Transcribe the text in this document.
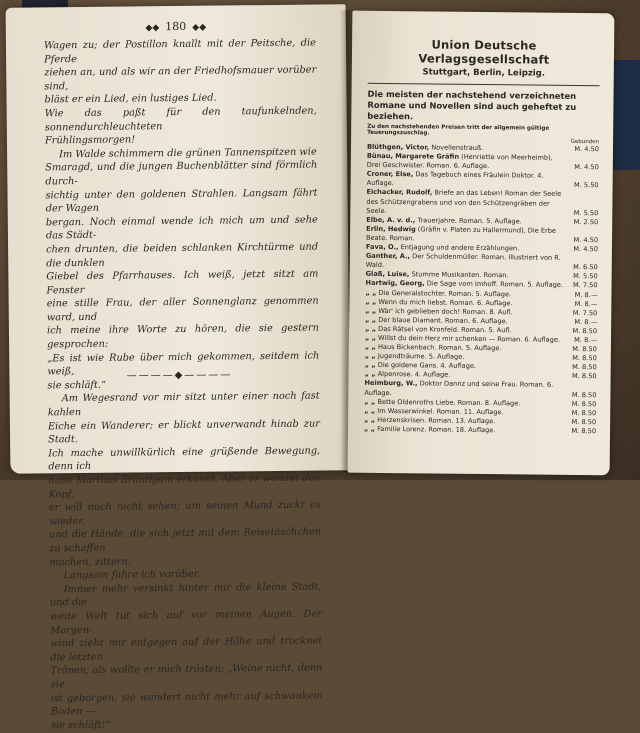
◆◆ 180 ◆◆

Wagen zu; der Postillon knallt mit der Peitsche, die Pferde

ziehen an, und als wir an der Friedhofsmauer vorüber sind,

bläst er ein Lied, ein lustiges Lied.

Wie das paßt für den taufunkelnden, sonnendurchleuchteten

Frühlingsmorgen!

Im Walde schimmern die grünen Tannenspitzen wie

Smaragd, und die jungen Buchenblätter sind förmlich durch-

sichtig unter den goldenen Strahlen. Langsam fährt der Wagen

bergan. Noch einmal wende ich mich um und sehe das Städt-

chen drunten, die beiden schlanken Kirchtürme und die dunklen

Giebel des Pfarrhauses. Ich weiß, jetzt sitzt am Fenster

eine stille Frau, der aller Sonnenglanz genommen ward, und

ich meine ihre Worte zu hören, die sie gestern gesprochen:

„Es ist wie Rube über mich gekommen, seitdem ich weiß,

sie schläft.“

Am Wegesrand vor mir sitzt unter einer noch fast kahlen

Eiche ein Wanderer; er blickt unverwandt hinab zur Stadt.

Ich mache unwillkürlich eine grüßende Bewegung, denn ich

habe Marthas Bräutigam erkannt. Aber er wendet den Kopf,

er will mich nicht sehen; um seinen Mund zuckt es wieder,

und die Hände, die sich jetzt mit dem Reisetäschchen zu schaffen

machen, zittern.

Langsam fahre ich vorüber.

Immer mehr versinkt hinter mir die kleine Stadt, und die

weite Welt tut sich auf vor meinen Augen. Der Morgen-

wind zieht mir entgegen auf der Höhe und trocknet die letzten

Tränen, als wollte er mich trösten: „Weine nicht, denn sie

ist geborgen, sie wandert nicht mehr auf schwankem Boden —

sie schläft!“

————◆————
Union Deutsche Verlagsgesellschaft
Stuttgart, Berlin, Leipzig.
Die meisten der nachstehend verzeichneten Romane und Novellen sind auch geheftet zu beziehen.
Zu den nachstehenden Preisen tritt der allgemein gültige Teuerungszuschlag.
Gebunden
Blüthgen, Victor, Novellenstrauß.	M. 4.50
Bünau, Margarete Gräfin (Henriette von Meerheimb), Drei Geschwister. Roman. 6. Auflage.	M. 4.50
Croner, Else, Das Tagebuch eines Fräulein Doktor. 4. Auflage.	M. 5.50
Eichacker, Rudolf, Briefe an das Leben! Roman der Seele des Schützengrabens und von den Schützengräben der Seele.	M. 5.50
Elbe, A. v. d., Trauerjahre. Roman. 5. Auflage.	M. 2.50
Erlin, Hedwig (Gräfin v. Platen zu Hallermund), Die Erbe Beate. Roman.	M. 4.50
Fava, O., Entjagung und andere Erzählungen.	M. 4.50
Ganther, A., Der Schuldenmüller. Roman. Illustriert von R. Wald.	M. 6.50
Glaß, Luise, Stumme Musikanten. Roman.	M. 5.50
Hartwig, Georg, Die Sage vom Imhoff. Roman. 5. Auflage. M. 7.50
„ „ Die Generalstochter. Roman. 5. Auflage.	M. 8.—
„ „ Wenn du mich liebst. Roman. 6. Auflage.	M. 8.—
„ „ Wär' ich geblieben doch! Roman. 8. Aufl.	M. 7.50
„ „ Der blaue Diamant. Roman. 6. Auflage.	M. 8.—
„ „ Das Rätsel von Kronfeld. Roman. 5. Aufl.	M. 8.50
„ „ Willst du dein Herz mir schenken — Roman. 6. Auflage. M. 8.—
„ „ Haus Bickenbach. Roman. 5. Auflage.	M. 8.50
„ „ Jugendträume. 5. Auflage.	M. 8.50
„ „ Die goldene Gans. 4. Auflage.	M. 8.50
„ „ Alpenrose. 4. Auflage.	M. 8.50
Heimburg, W., Doktor Dannz und seine Frau. Roman. 6. Auflage.	M. 8.50
„ „ Bette Oldenroths Liebe. Roman. 8. Auflage.	M. 8.50
„ „ Im Wasserwinkel. Roman. 11. Auflage.	M. 8.50
„ „ Herzenskrisen. Roman. 13. Auflage.	M. 8.50
„ „ Familie Lorenz. Roman. 18. Auflage.	M. 8.50
